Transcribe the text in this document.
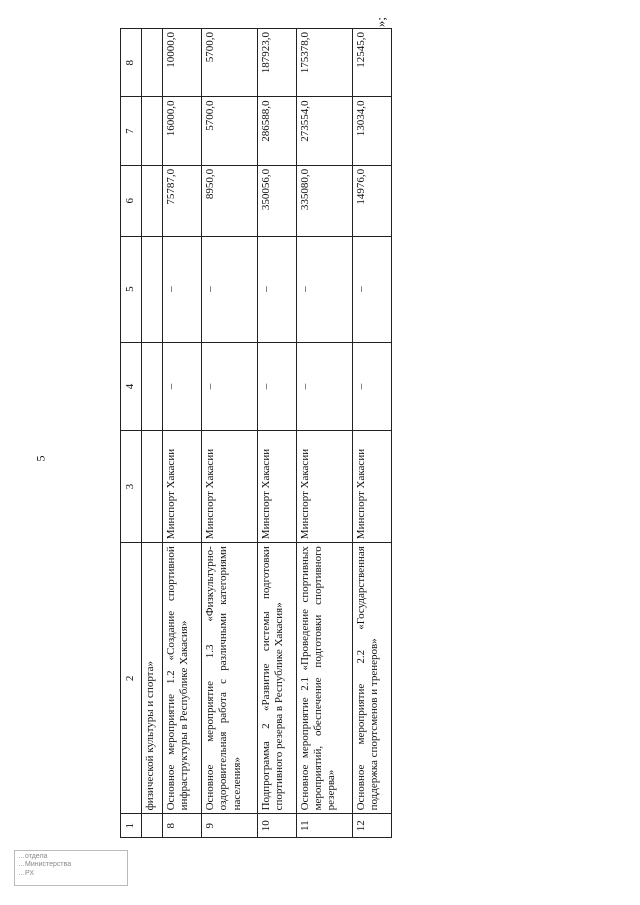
5
»;
1	2	3	4	5	6	7	8
	физической культуры и спорта»						
8	Основное мероприятие 1.2 «Создание спортивной инфраструктуры в Республике Хакасия»	Минспорт Хакасии	–	–	75787,0	16000,0	10000,0
9	Основное мероприятие 1.3 «Физкультурно-оздоровительная работа с различными категориями населения»	Минспорт Хакасии	–	–	8950,0	5700,0	5700,0
10	Подпрограмма 2 «Развитие системы подготовки спортивного резерва в Республике Хакасия»	Минспорт Хакасии	–	–	350056,0	286588,0	187923,0
11	Основное мероприятие 2.1 «Проведение спортивных мероприятий, обеспечение подготовки спортивного резерва»	Минспорт Хакасии	–	–	335080,0	273554,0	175378,0
12	Основное мероприятие 2.2 «Государственная поддержка спортсменов и тренеров»	Минспорт Хакасии	–	–	14976,0	13034,0	12545,0
…отдела
…Министерства
…РХ
